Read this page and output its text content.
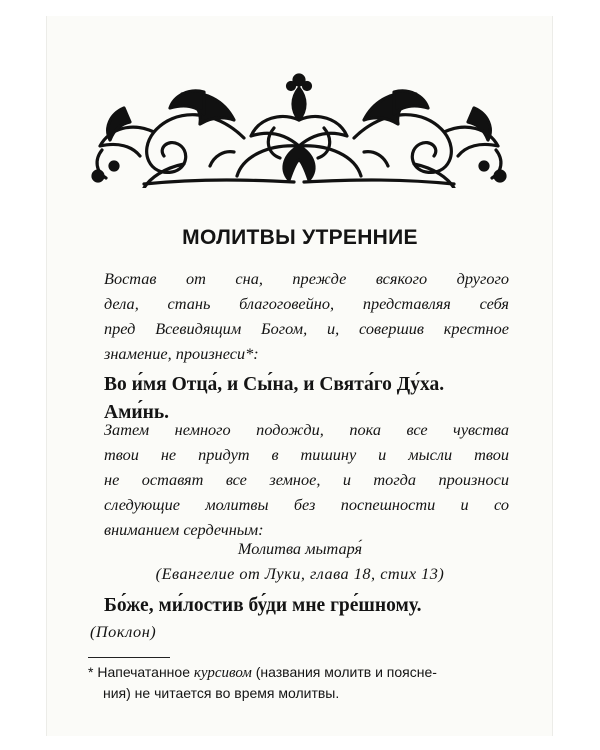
МОЛИТВЫ УТРЕННИЕ
Востав от сна, прежде всякого другого
дела, стань благоговейно, представляя себя
пред Всевидящим Богом, и, совершив крестное
знамение, произнеси*:
Во и́мя Отца́, и Сы́на, и Свята́го Ду́ха.
Ами́нь.
Затем немного подожди, пока все чувства
твои не придут в тишину и мысли твои
не оставят все земное, и тогда произноси
следующие молитвы без поспешности и со
вниманием сердечным:
Молитва мытаря́
(Евангелие от Луки, глава 18, стих 13)
Бо́же, ми́лостив бу́ди мне гре́шному.
(Поклон)
* Напечатанное курсивом (названия молитв и поясне-
ния) не читается во время молитвы.
